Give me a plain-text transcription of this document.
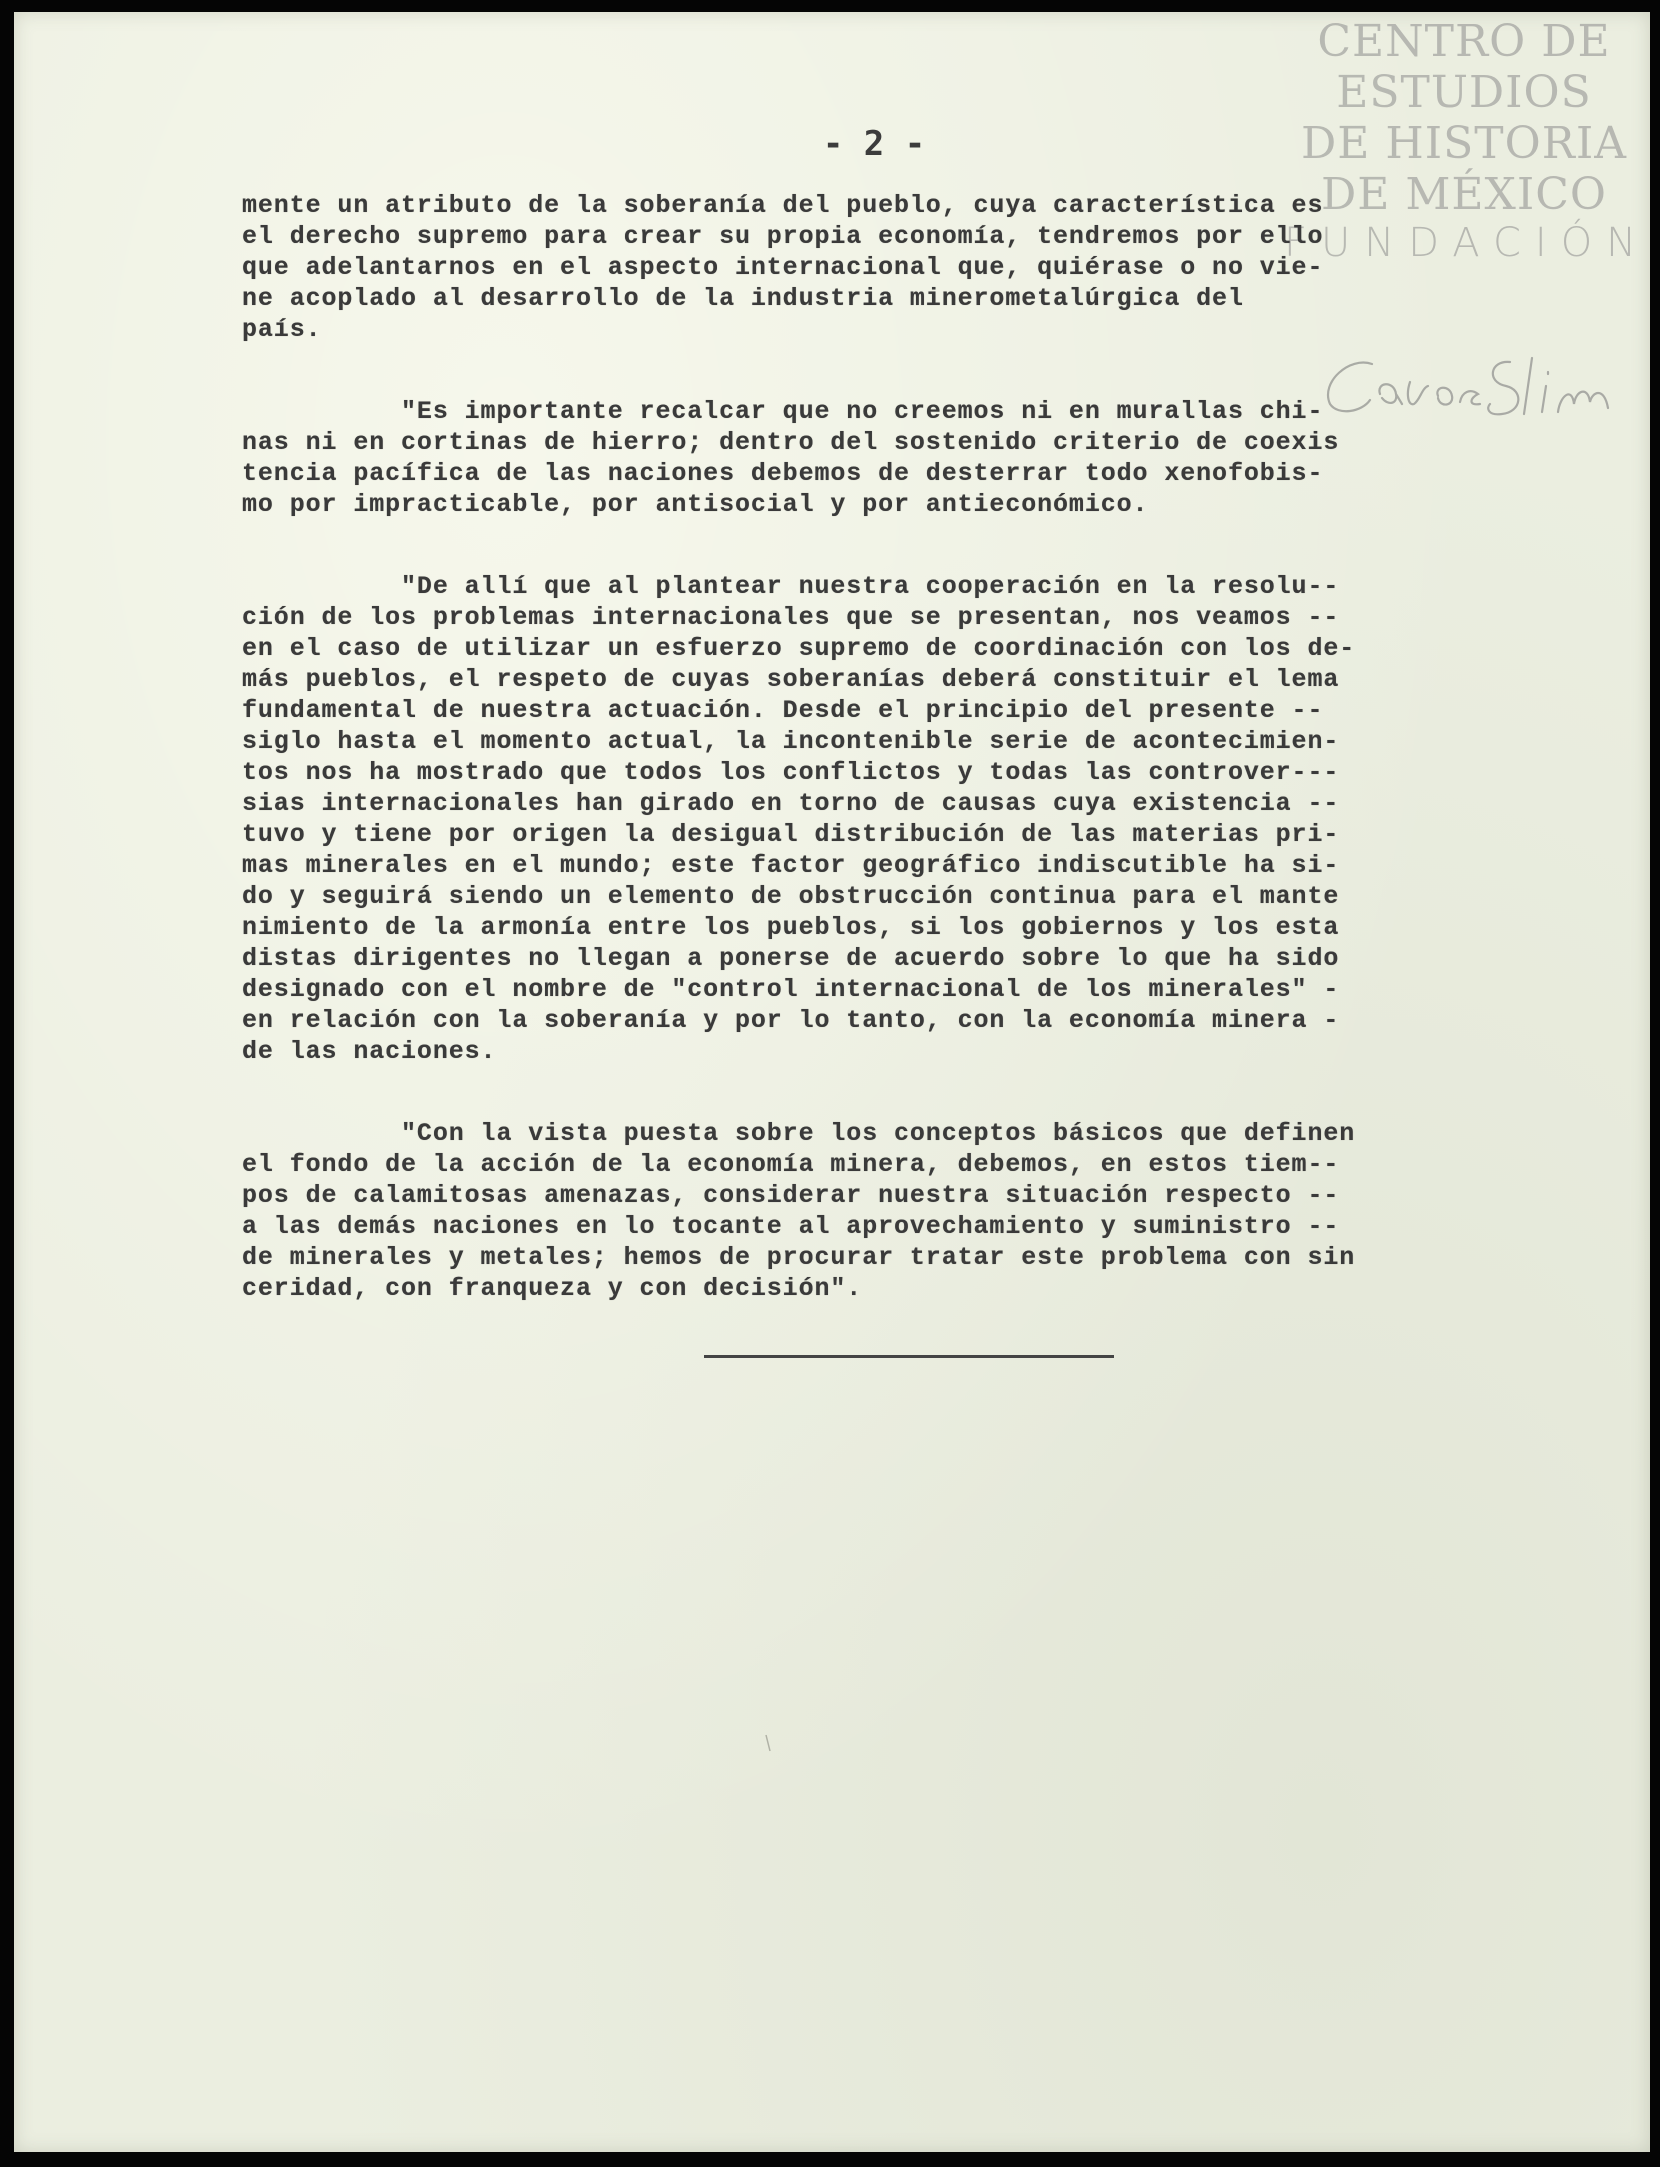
CENTRO DE
ESTUDIOS
DE HISTORIA
DE MÉXICO
FUNDACIÓN
- 2 -
mente un atributo de la soberanía del pueblo, cuya característica es
el derecho supremo para crear su propia economía, tendremos por ello
que adelantarnos en el aspecto internacional que, quiérase o no vie-
ne acoplado al desarrollo de la industria minerometalúrgica del
país.
"Es importante recalcar que no creemos ni en murallas chi-
nas ni en cortinas de hierro; dentro del sostenido criterio de coexis
tencia pacífica de las naciones debemos de desterrar todo xenofobis-
mo por impracticable, por antisocial y por antieconómico.
"De allí que al plantear nuestra cooperación en la resolu--
ción de los problemas internacionales que se presentan, nos veamos --
en el caso de utilizar un esfuerzo supremo de coordinación con los de-
más pueblos, el respeto de cuyas soberanías deberá constituir el lema
fundamental de nuestra actuación. Desde el principio del presente --
siglo hasta el momento actual, la incontenible serie de acontecimien-
tos nos ha mostrado que todos los conflictos y todas las controver---
sias internacionales han girado en torno de causas cuya existencia --
tuvo y tiene por origen la desigual distribución de las materias pri-
mas minerales en el mundo; este factor geográfico indiscutible ha si-
do y seguirá siendo un elemento de obstrucción continua para el mante
nimiento de la armonía entre los pueblos, si los gobiernos y los esta
distas dirigentes no llegan a ponerse de acuerdo sobre lo que ha sido
designado con el nombre de "control internacional de los minerales" -
en relación con la soberanía y por lo tanto, con la economía minera -
de las naciones.
"Con la vista puesta sobre los conceptos básicos que definen
el fondo de la acción de la economía minera, debemos, en estos tiem--
pos de calamitosas amenazas, considerar nuestra situación respecto --
a las demás naciones en lo tocante al aprovechamiento y suministro --
de minerales y metales; hemos de procurar tratar este problema con sin
ceridad, con franqueza y con decisión".
